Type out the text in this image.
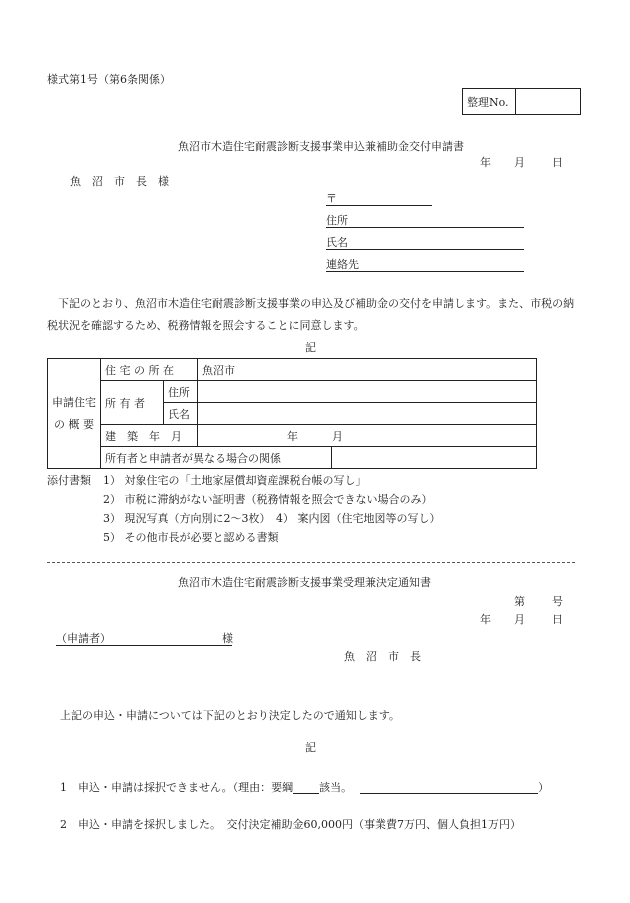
様式第1号（第6条関係）
整理No.	
魚沼市木造住宅耐震診断支援事業申込兼補助金交付申請書
年 月 日
魚　沼　市　長　様
〒
住所
氏名
連絡先
下記のとおり、魚沼市木造住宅耐震診断支援事業の申込及び補助金の交付を申請します。また、市税の納税状況を確認するため、税務情報を照会することに同意します。
記
申請住宅の 概 要	住 宅 の 所 在		魚沼市	
	所 有 者	住所		
		氏名		
	建　築　年　月		年 月	
	所有者と申請者が異なる場合の関係			
添付書類 1） 対象住宅の「土地家屋償却資産課税台帳の写し」
2） 市税に滞納がない証明書（税務情報を照会できない場合のみ）
3） 現況写真（方向別に2～3枚）　4） 案内図（住宅地図等の写し）
5） その他市長が必要と認める書類
魚沼市木造住宅耐震診断支援事業受理兼決定通知書
第 号
年 月 日
（申請者）	様
魚　沼　市　長
上記の申込・申請については下記のとおり決定したので通知します。
記
1　申込・申請は採択できません。（理由：要綱 該当。	）
2　申込・申請を採択しました。　交付決定補助金60,000円（事業費7万円、個人負担1万円）
